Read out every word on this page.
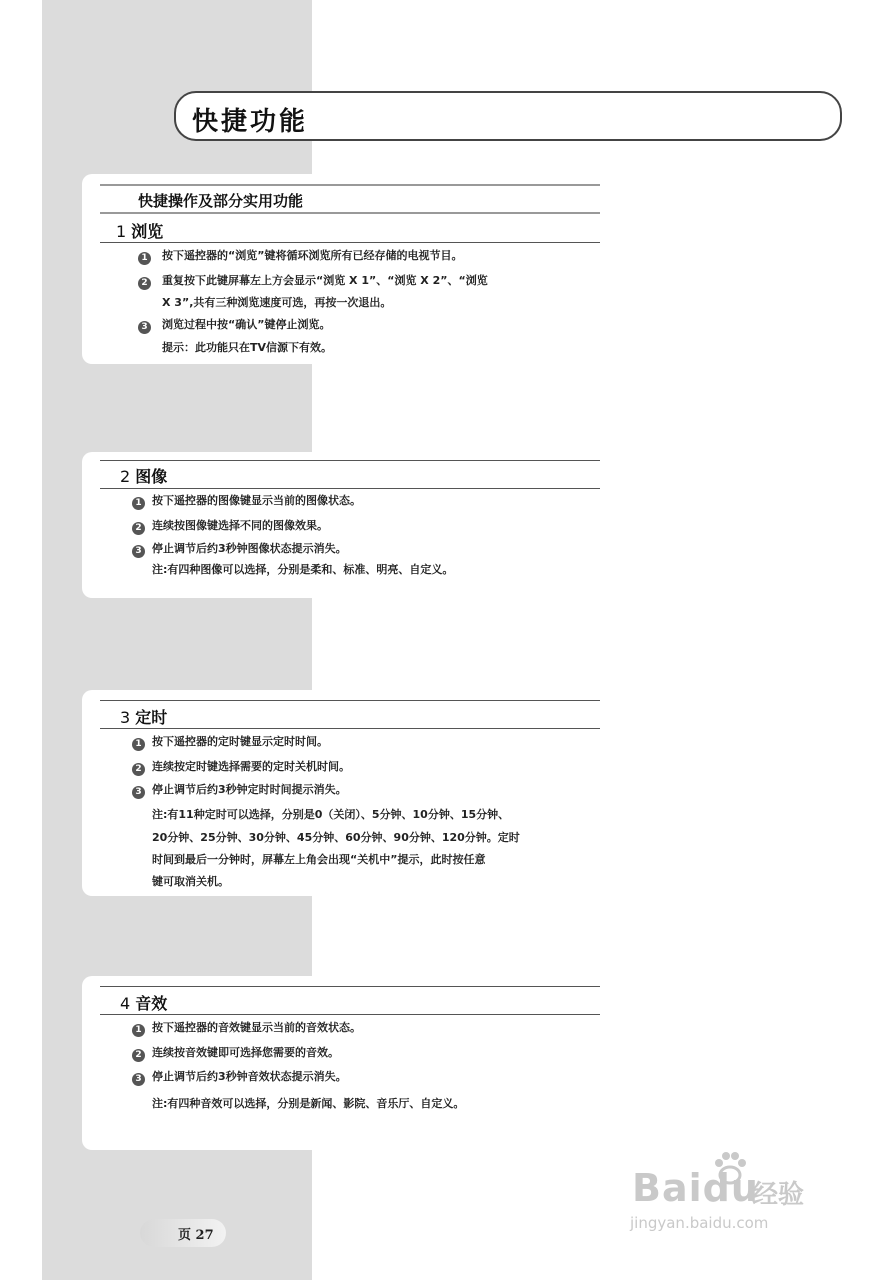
快捷功能
快捷操作及部分实用功能
1 浏览
1	按下遥控器的“浏览”键将循环浏览所有已经存储的电视节目。
2	重复按下此键屏幕左上方会显示“浏览 X 1”、“浏览 X 2”、“浏览
X 3”,共有三种浏览速度可选，再按一次退出。
3	浏览过程中按“确认”键停止浏览。
提示：此功能只在TV信源下有效。
2 图像
1 按下遥控器的图像键显示当前的图像状态。
2 连续按图像键选择不同的图像效果。
3 停止调节后约3秒钟图像状态提示消失。
注:有四种图像可以选择，分别是柔和、标准、明亮、自定义。
3 定时
1 按下遥控器的定时键显示定时时间。
2 连续按定时键选择需要的定时关机时间。
3 停止调节后约3秒钟定时时间提示消失。
注:有11种定时可以选择，分别是0（关闭）、5分钟、10分钟、15分钟、
20分钟、25分钟、30分钟、45分钟、60分钟、90分钟、120分钟。定时
时间到最后一分钟时，屏幕左上角会出现“关机中”提示，此时按任意
键可取消关机。
4 音效
1 按下遥控器的音效键显示当前的音效状态。
2 连续按音效键即可选择您需要的音效。
3 停止调节后约3秒钟音效状态提示消失。
注:有四种音效可以选择，分别是新闻、影院、音乐厅、自定义。
页 27
Baidu
经验
jingyan.baidu.com
